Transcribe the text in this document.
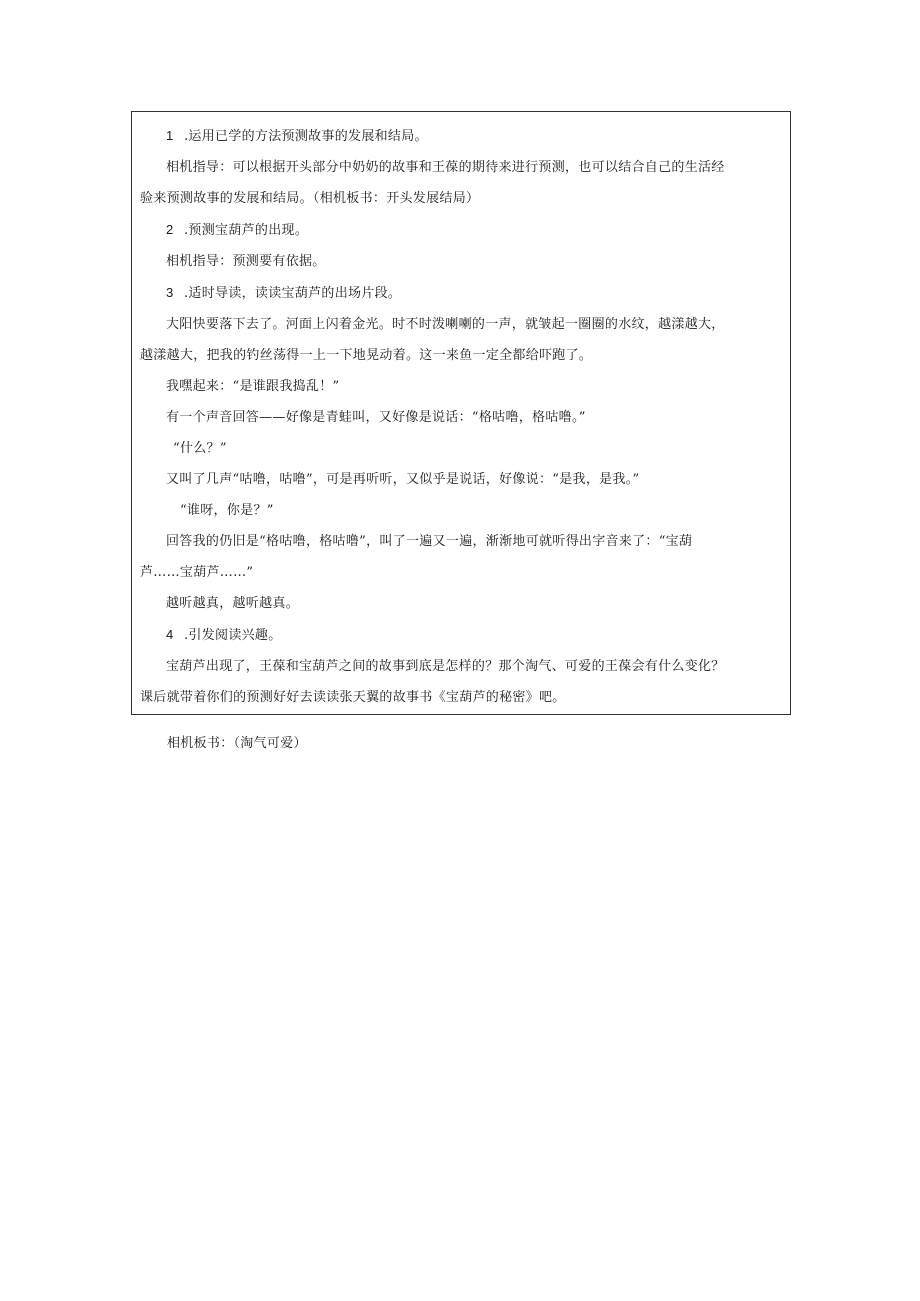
1 .运用已学的方法预测故事的发展和结局。
相机指导：可以根据开头部分中奶奶的故事和王葆的期待来进行预测，也可以结合自己的生活经
验来预测故事的发展和结局。（相机板书：开头发展结局）
2 .预测宝葫芦的出现。
相机指导：预测要有依据。
3 .适时导读，读读宝葫芦的出场片段。
大阳快要落下去了。河面上闪着金光。时不时泼喇喇的一声，就皱起一圈圈的水纹，越漾越大，
越漾越大，把我的钓丝荡得一上一下地晃动着。这一来鱼一定全都给吓跑了。
我嘿起来：“是谁跟我捣乱！”
有一个声音回答——好像是青蛙叫，又好像是说话：“格咕噜，格咕噜。”
“什么？”
又叫了几声“咕噜，咕噜”，可是再听听，又似乎是说话，好像说：“是我，是我。”
“谁呀，你是？”
回答我的仍旧是“格咕噜，格咕噜”，叫了一遍又一遍，渐渐地可就听得出字音来了：“宝葫
芦……宝葫芦……”
越听越真，越听越真。
4 .引发阅读兴趣。
宝葫芦出现了，王葆和宝葫芦之间的故事到底是怎样的？那个淘气、可爱的王葆会有什么变化？
课后就带着你们的预测好好去读读张天翼的故事书《宝葫芦的秘密》吧。
相机板书：（淘气可爱）
